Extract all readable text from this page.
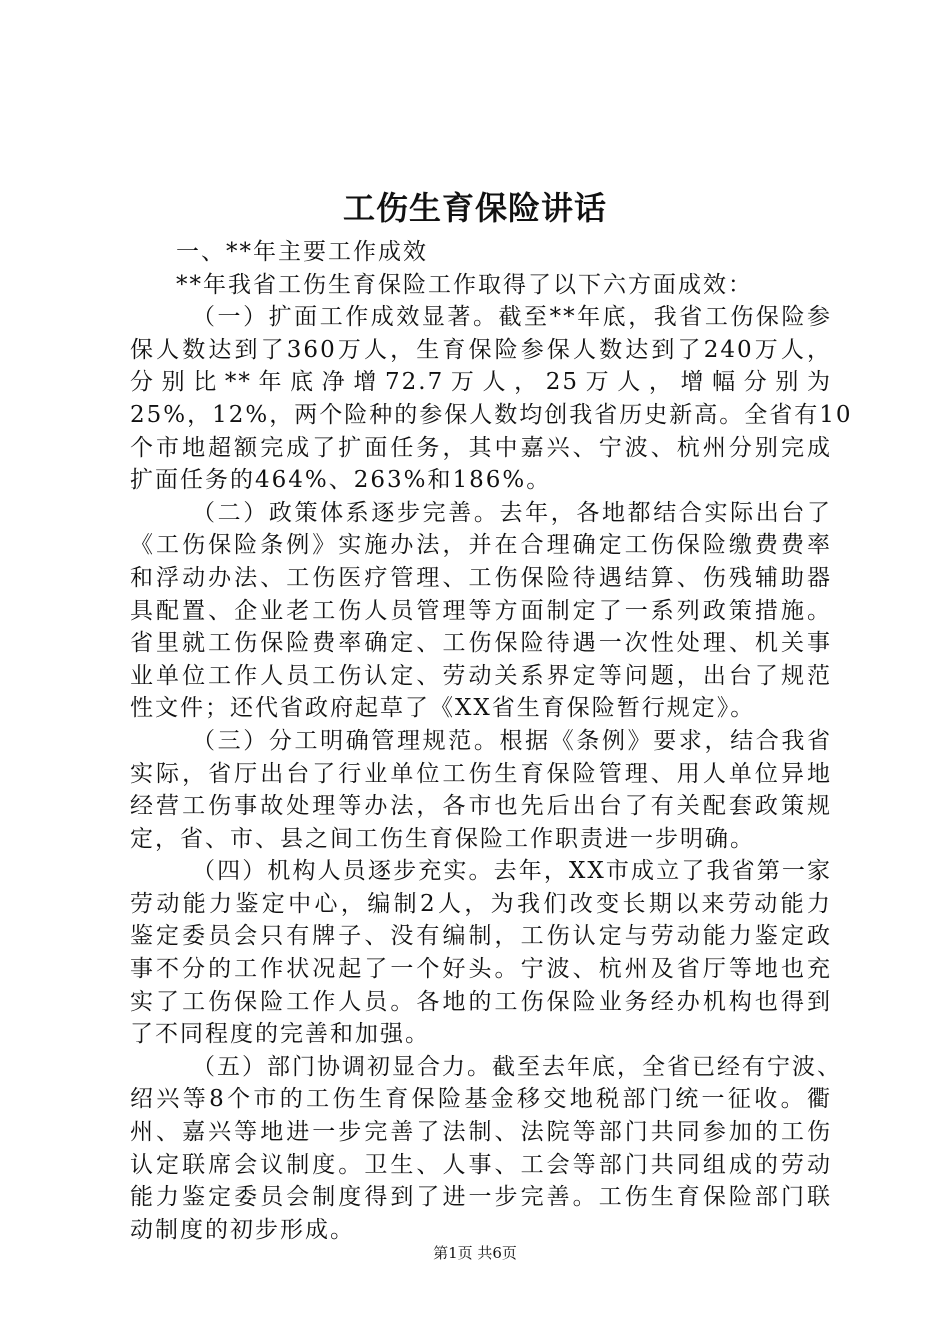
工伤生育保险讲话
一、**年主要工作成效
**年我省工伤生育保险工作取得了以下六方面成效：
（一）扩面工作成效显著。截至**年底，我省工伤保险参
保人数达到了360万人，生育保险参保人数达到了240万人，
分别比**年底净增72.7万人，25万人，增幅分别为
25%，12%，两个险种的参保人数均创我省历史新高。全省有10
个市地超额完成了扩面任务，其中嘉兴、宁波、杭州分别完成
扩面任务的464%、263%和186%。
（二）政策体系逐步完善。去年，各地都结合实际出台了
《工伤保险条例》实施办法，并在合理确定工伤保险缴费费率
和浮动办法、工伤医疗管理、工伤保险待遇结算、伤残辅助器
具配置、企业老工伤人员管理等方面制定了一系列政策措施。
省里就工伤保险费率确定、工伤保险待遇一次性处理、机关事
业单位工作人员工伤认定、劳动关系界定等问题，出台了规范
性文件；还代省政府起草了《XX省生育保险暂行规定》。
（三）分工明确管理规范。根据《条例》要求，结合我省
实际，省厅出台了行业单位工伤生育保险管理、用人单位异地
经营工伤事故处理等办法，各市也先后出台了有关配套政策规
定，省、市、县之间工伤生育保险工作职责进一步明确。
（四）机构人员逐步充实。去年，XX市成立了我省第一家
劳动能力鉴定中心，编制2人，为我们改变长期以来劳动能力
鉴定委员会只有牌子、没有编制，工伤认定与劳动能力鉴定政
事不分的工作状况起了一个好头。宁波、杭州及省厅等地也充
实了工伤保险工作人员。各地的工伤保险业务经办机构也得到
了不同程度的完善和加强。
（五）部门协调初显合力。截至去年底，全省已经有宁波、
绍兴等8个市的工伤生育保险基金移交地税部门统一征收。衢
州、嘉兴等地进一步完善了法制、法院等部门共同参加的工伤
认定联席会议制度。卫生、人事、工会等部门共同组成的劳动
能力鉴定委员会制度得到了进一步完善。工伤生育保险部门联
动制度的初步形成。
第1页 共6页
